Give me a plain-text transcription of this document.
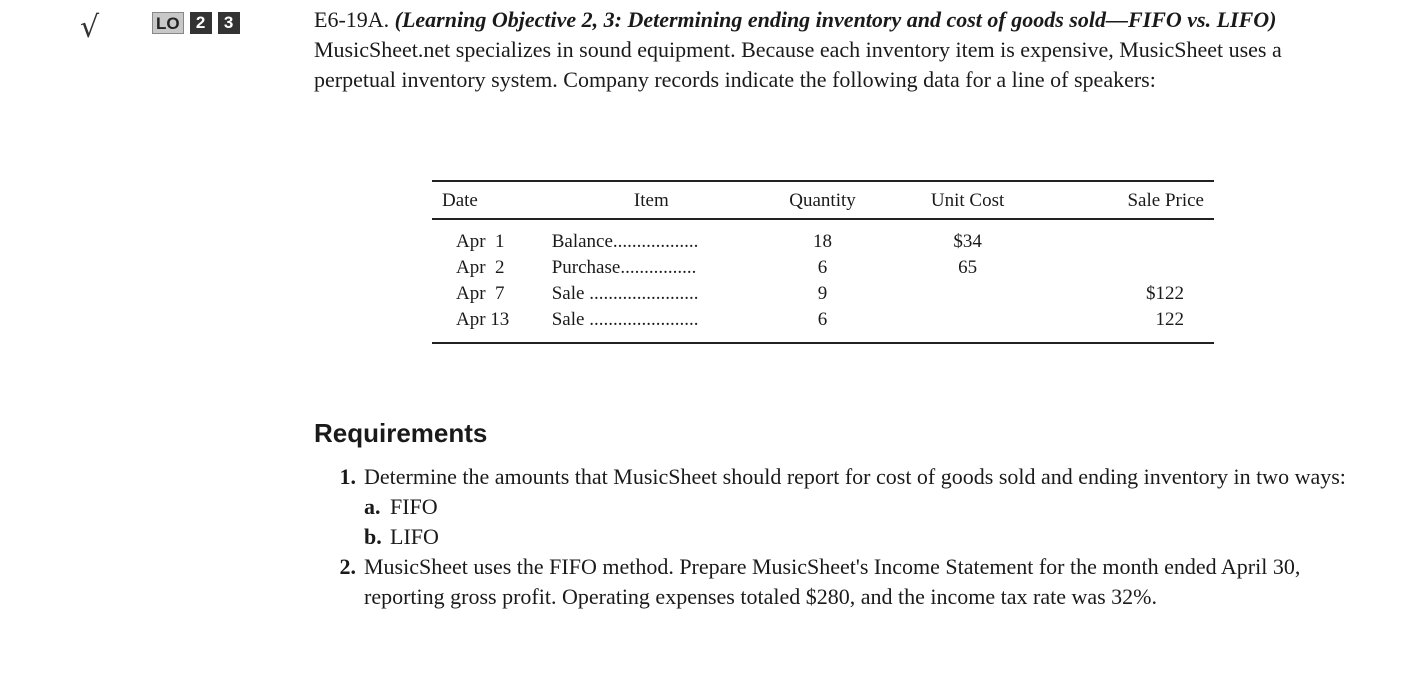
√	LO 2	3	E6-19A. (Learning Objective 2, 3: Determining ending inventory and cost of goods sold—FIFO vs. LIFO) MusicSheet.net specializes in sound equipment. Because each inventory item is expensive, MusicSheet uses a perpetual inventory system. Company records indicate the following data for a line of speakers:
Date	Item	Quantity	Unit Cost	Sale Price
Apr  1	Balance..................	18	$34	
Apr  2	Purchase................	6	65	
Apr  7	Sale .......................	9		$122
Apr 13	Sale .......................	6		122
Requirements
1. Determine the amounts that MusicSheet should report for cost of goods sold and ending inventory in two ways:
a. FIFO
b. LIFO
2. MusicSheet uses the FIFO method. Prepare MusicSheet's Income Statement for the month ended April 30, reporting gross profit. Operating expenses totaled $280, and the income tax rate was 32%.
